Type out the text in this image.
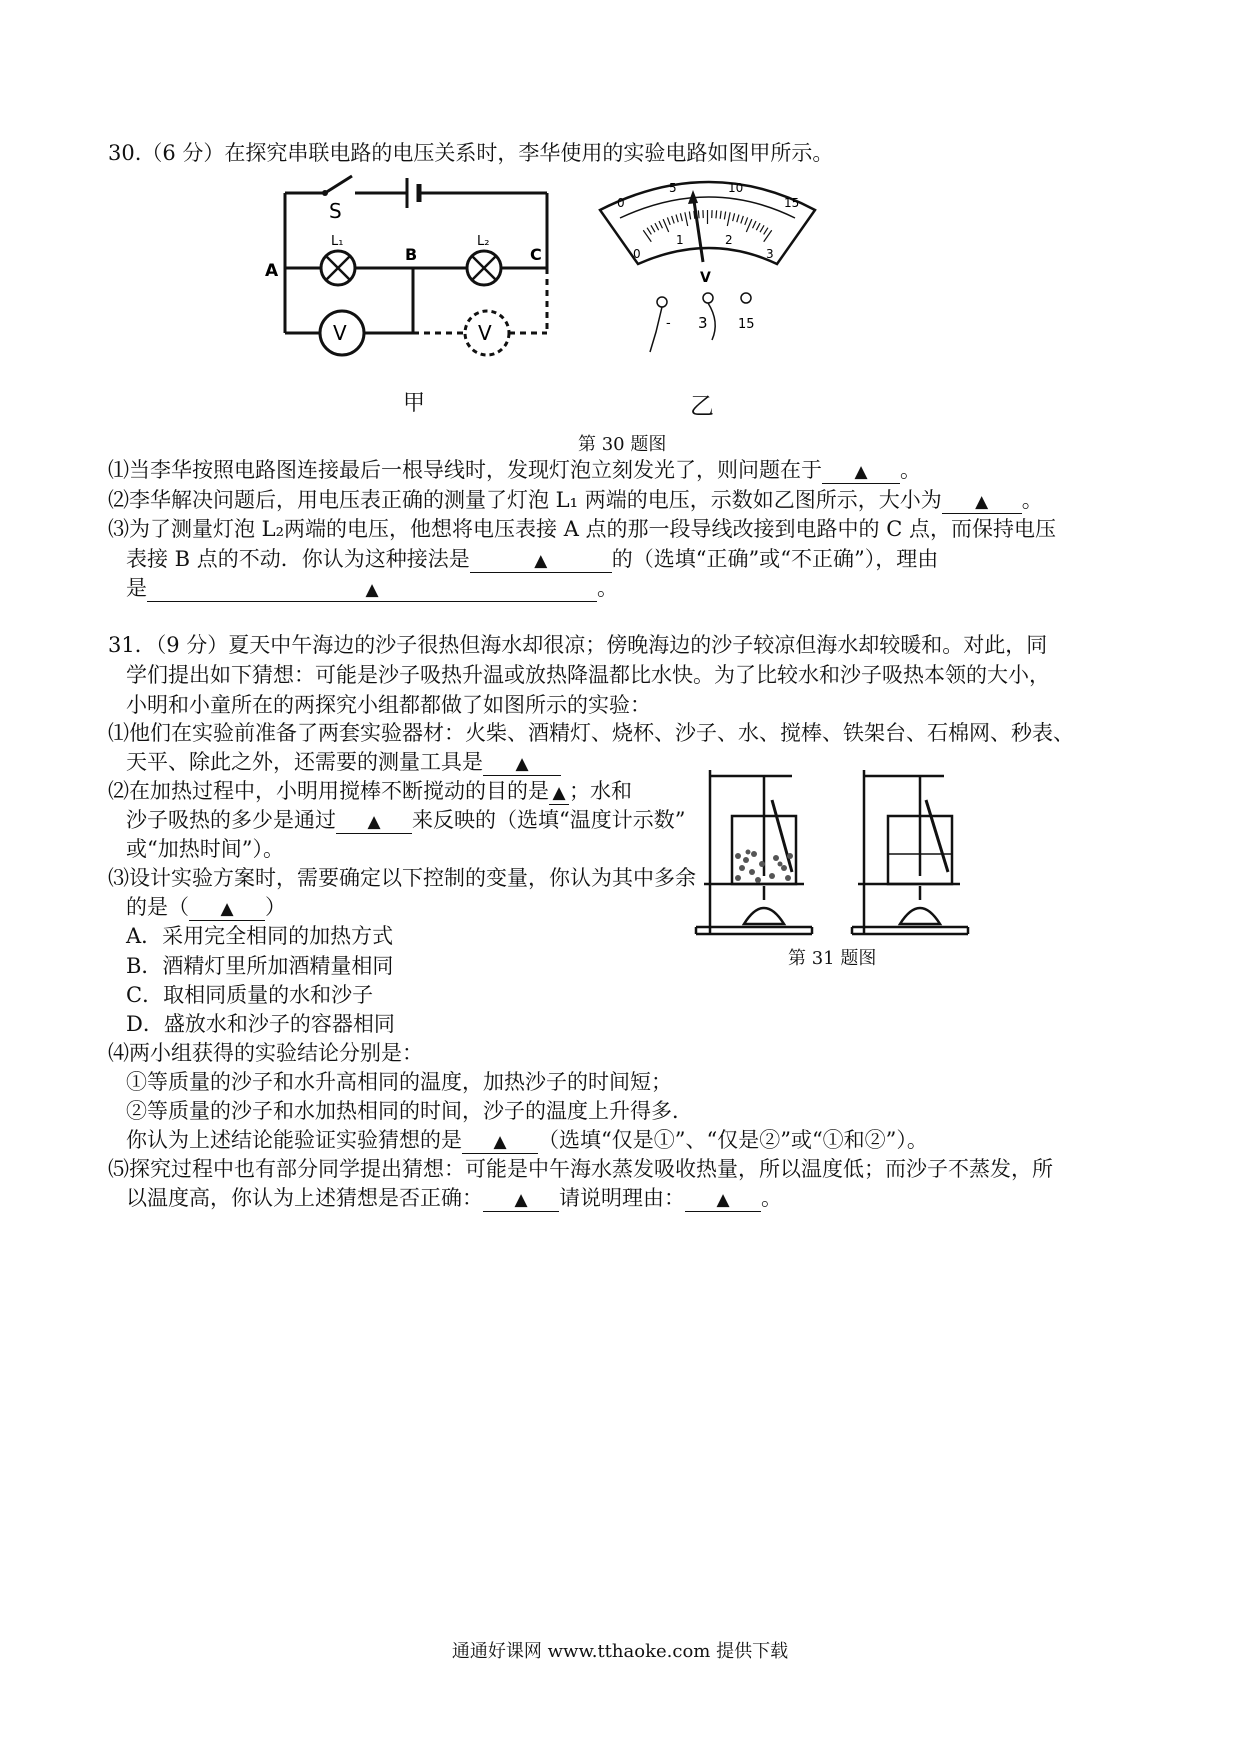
30.（6 分）在探究串联电路的电压关系时，李华使用的实验电路如图甲所示。
S
A
B	C
L₁	L₂
V	V
甲
0
5	10
15
0
1	2
3
V
- 3 15
乙
第 30 题图
⑴当李华按照电路图连接最后一根导线时，发现灯泡立刻发光了，则问题在于 ▲ 。
⑵李华解决问题后，用电压表正确的测量了灯泡 L₁ 两端的电压，示数如乙图所示，大小为 ▲ 。
⑶为了测量灯泡 L₂两端的电压，他想将电压表接 A 点的那一段导线改接到电路中的 C 点，而保持电压
表接 B 点的不动．你认为这种接法是	▲	的（选填“正确”或“不正确”），理由
是	▲	。
31．（9 分）夏天中午海边的沙子很热但海水却很凉；傍晚海边的沙子较凉但海水却较暖和。对此，同
学们提出如下猜想：可能是沙子吸热升温或放热降温都比水快。为了比较水和沙子吸热本领的大小，
小明和小童所在的两探究小组都都做了如图所示的实验：
⑴他们在实验前准备了两套实验器材：火柴、酒精灯、烧杯、沙子、水、搅棒、铁架台、石棉网、秒表、
天平、除此之外，还需要的测量工具是 ▲
⑵在加热过程中，小明用搅棒不断搅动的目的是 ▲ ；水和
沙子吸热的多少是通过 ▲ 来反映的（选填“温度计示数”
或“加热时间”）。
⑶设计实验方案时，需要确定以下控制的变量，你认为其中多余
的是（ ▲ ）
A．采用完全相同的加热方式
B．酒精灯里所加酒精量相同
C．取相同质量的水和沙子
D．盛放水和沙子的容器相同
第 31 题图
⑷两小组获得的实验结论分别是：
①等质量的沙子和水升高相同的温度，加热沙子的时间短；
②等质量的沙子和水加热相同的时间，沙子的温度上升得多．
你认为上述结论能验证实验猜想的是 ▲ （选填“仅是①”、“仅是②”或“①和②”）。
⑸探究过程中也有部分同学提出猜想：可能是中午海水蒸发吸收热量，所以温度低；而沙子不蒸发，所
以温度高，你认为上述猜想是否正确： ▲ 请说明理由： ▲ 。
通通好课网 www.tthaoke.com 提供下载
